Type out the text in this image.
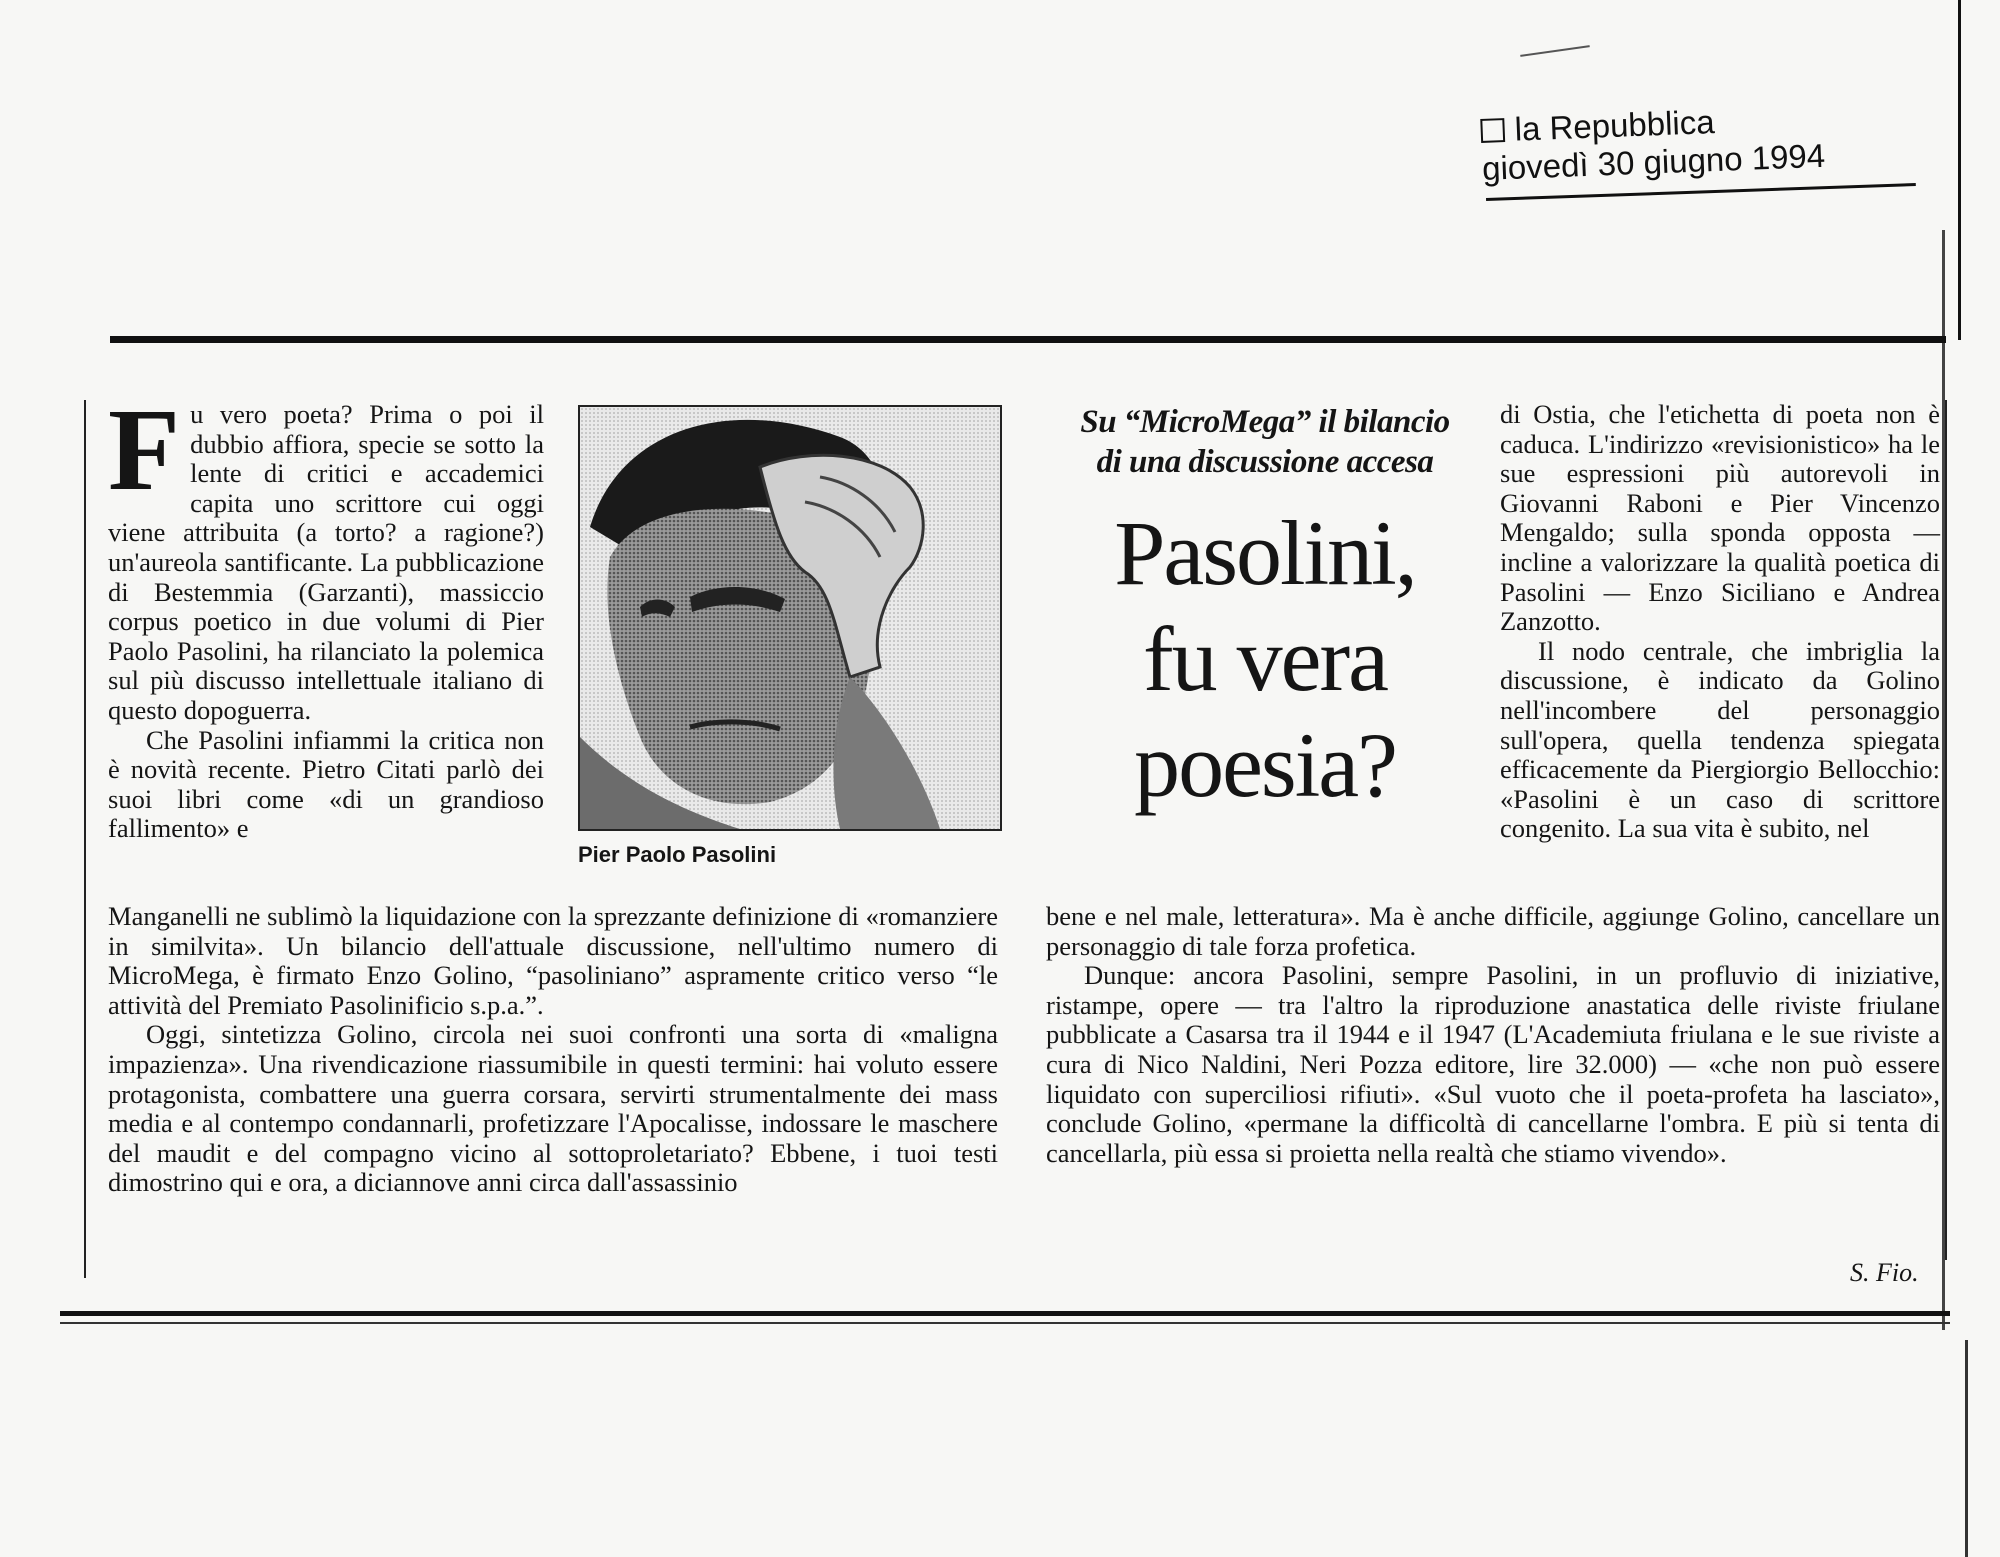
la Repubblica
giovedì 30 giugno 1994

Fu vero poeta? Prima o poi il dubbio affiora, specie se sotto la lente di critici e accademici capita uno scrittore cui oggi viene attribuita (a torto? a ragione?) un'aureola santificante. La pubblicazione di Bestemmia (Garzanti), massiccio corpus poetico in due volumi di Pier Paolo Pasolini, ha rilanciato la polemica sul più discusso intellettuale italiano di questo dopoguerra.

Che Pasolini infiammi la critica non è novità recente. Pietro Citati parlò dei suoi libri come «di un grandioso fallimento» e

Pier Paolo Pasolini

Manganelli ne sublimò la liquidazione con la sprezzante definizione di «romanziere in similvita». Un bilancio dell'attuale discussione, nell'ultimo numero di MicroMega, è firmato Enzo Golino, “pasoliniano” aspramente critico verso “le attività del Premiato Pasolinificio s.p.a.”.

Oggi, sintetizza Golino, circola nei suoi confronti una sorta di «maligna impazienza». Una rivendicazione riassumibile in questi termini: hai voluto essere protagonista, combattere una guerra corsara, servirti strumentalmente dei mass media e al contempo condannarli, profetizzare l'Apocalisse, indossare le maschere del maudit e del compagno vicino al sottoproletariato? Ebbene, i tuoi testi dimostrino qui e ora, a diciannove anni circa dall'assassinio

Su “MicroMega” il bilancio
di una discussione accesa
Pasolini,
fu vera
poesia?

di Ostia, che l'etichetta di poeta non è caduca. L'indirizzo «revisionistico» ha le sue espressioni più autorevoli in Giovanni Raboni e Pier Vincenzo Mengaldo; sulla sponda opposta — incline a valorizzare la qualità poetica di Pasolini — Enzo Siciliano e Andrea Zanzotto.

Il nodo centrale, che imbriglia la discussione, è indicato da Golino nell'incombere del personaggio sull'opera, quella tendenza spiegata efficacemente da Piergiorgio Bellocchio: «Pasolini è un caso di scrittore congenito. La sua vita è subito, nel

bene e nel male, letteratura». Ma è anche difficile, aggiunge Golino, cancellare un personaggio di tale forza profetica.

Dunque: ancora Pasolini, sempre Pasolini, in un profluvio di iniziative, ristampe, opere — tra l'altro la riproduzione anastatica delle riviste friulane pubblicate a Casarsa tra il 1944 e il 1947 (L'Academiuta friulana e le sue riviste a cura di Nico Naldini, Neri Pozza editore, lire 32.000) — «che non può essere liquidato con superciliosi rifiuti». «Sul vuoto che il poeta-profeta ha lasciato», conclude Golino, «permane la difficoltà di cancellarne l'ombra. E più si tenta di cancellarla, più essa si proietta nella realtà che stiamo vivendo».

S. Fio.
